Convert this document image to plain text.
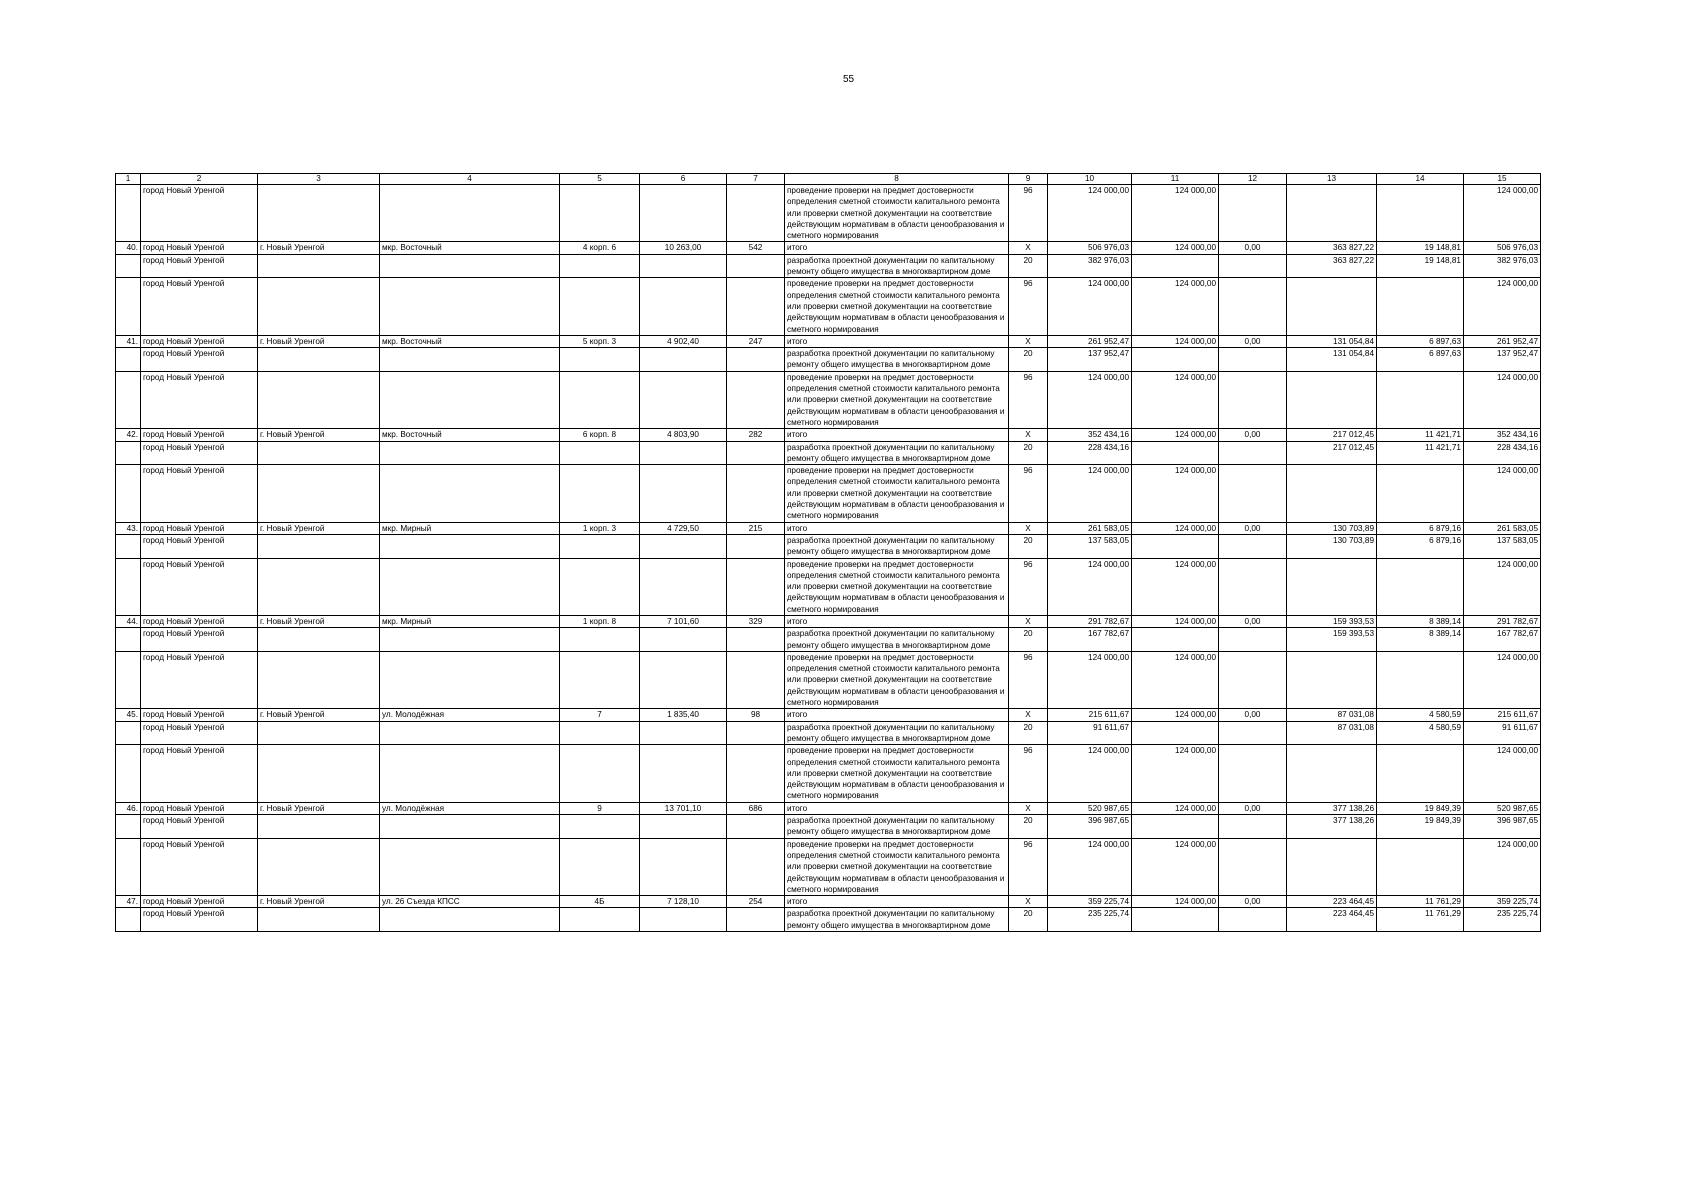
55
1	2	3	4	5	6	7	8	9	10	11	12	13	14	15
	город Новый Уренгой						проведение проверки на предмет достоверности определения сметной стоимости капитального ремонта или проверки сметной документации на соответствие действующим нормативам в области ценообразования и сметного нормирования	96	124 000,00	124 000,00				124 000,00
40.	город Новый Уренгой	г. Новый Уренгой	мкр. Восточный	4 корп. 6	10 263,00	542	итого	Х	506 976,03	124 000,00	0,00	363 827,22	19 148,81	506 976,03
	город Новый Уренгой						разработка проектной документации по капитальному ремонту общего имущества в многоквартирном доме	20	382 976,03			363 827,22	19 148,81	382 976,03
	город Новый Уренгой						проведение проверки на предмет достоверности определения сметной стоимости капитального ремонта или проверки сметной документации на соответствие действующим нормативам в области ценообразования и сметного нормирования	96	124 000,00	124 000,00				124 000,00
41.	город Новый Уренгой	г. Новый Уренгой	мкр. Восточный	5 корп. 3	4 902,40	247	итого	Х	261 952,47	124 000,00	0,00	131 054,84	6 897,63	261 952,47
	город Новый Уренгой						разработка проектной документации по капитальному ремонту общего имущества в многоквартирном доме	20	137 952,47			131 054,84	6 897,63	137 952,47
	город Новый Уренгой						проведение проверки на предмет достоверности определения сметной стоимости капитального ремонта или проверки сметной документации на соответствие действующим нормативам в области ценообразования и сметного нормирования	96	124 000,00	124 000,00				124 000,00
42.	город Новый Уренгой	г. Новый Уренгой	мкр. Восточный	6 корп. 8	4 803,90	282	итого	Х	352 434,16	124 000,00	0,00	217 012,45	11 421,71	352 434,16
	город Новый Уренгой						разработка проектной документации по капитальному ремонту общего имущества в многоквартирном доме	20	228 434,16			217 012,45	11 421,71	228 434,16
	город Новый Уренгой						проведение проверки на предмет достоверности определения сметной стоимости капитального ремонта или проверки сметной документации на соответствие действующим нормативам в области ценообразования и сметного нормирования	96	124 000,00	124 000,00				124 000,00
43.	город Новый Уренгой	г. Новый Уренгой	мкр. Мирный	1 корп. 3	4 729,50	215	итого	Х	261 583,05	124 000,00	0,00	130 703,89	6 879,16	261 583,05
	город Новый Уренгой						разработка проектной документации по капитальному ремонту общего имущества в многоквартирном доме	20	137 583,05			130 703,89	6 879,16	137 583,05
	город Новый Уренгой						проведение проверки на предмет достоверности определения сметной стоимости капитального ремонта или проверки сметной документации на соответствие действующим нормативам в области ценообразования и сметного нормирования	96	124 000,00	124 000,00				124 000,00
44.	город Новый Уренгой	г. Новый Уренгой	мкр. Мирный	1 корп. 8	7 101,60	329	итого	Х	291 782,67	124 000,00	0,00	159 393,53	8 389,14	291 782,67
	город Новый Уренгой						разработка проектной документации по капитальному ремонту общего имущества в многоквартирном доме	20	167 782,67			159 393,53	8 389,14	167 782,67
	город Новый Уренгой						проведение проверки на предмет достоверности определения сметной стоимости капитального ремонта или проверки сметной документации на соответствие действующим нормативам в области ценообразования и сметного нормирования	96	124 000,00	124 000,00				124 000,00
45.	город Новый Уренгой	г. Новый Уренгой	ул. Молодёжная	7	1 835,40	98	итого	Х	215 611,67	124 000,00	0,00	87 031,08	4 580,59	215 611,67
	город Новый Уренгой						разработка проектной документации по капитальному ремонту общего имущества в многоквартирном доме	20	91 611,67			87 031,08	4 580,59	91 611,67
	город Новый Уренгой						проведение проверки на предмет достоверности определения сметной стоимости капитального ремонта или проверки сметной документации на соответствие действующим нормативам в области ценообразования и сметного нормирования	96	124 000,00	124 000,00				124 000,00
46.	город Новый Уренгой	г. Новый Уренгой	ул. Молодёжная	9	13 701,10	686	итого	Х	520 987,65	124 000,00	0,00	377 138,26	19 849,39	520 987,65
	город Новый Уренгой						разработка проектной документации по капитальному ремонту общего имущества в многоквартирном доме	20	396 987,65			377 138,26	19 849,39	396 987,65
	город Новый Уренгой						проведение проверки на предмет достоверности определения сметной стоимости капитального ремонта или проверки сметной документации на соответствие действующим нормативам в области ценообразования и сметного нормирования	96	124 000,00	124 000,00				124 000,00
47.	город Новый Уренгой	г. Новый Уренгой	ул. 26 Съезда КПСС	4Б	7 128,10	254	итого	Х	359 225,74	124 000,00	0,00	223 464,45	11 761,29	359 225,74
	город Новый Уренгой						разработка проектной документации по капитальному ремонту общего имущества в многоквартирном доме	20	235 225,74			223 464,45	11 761,29	235 225,74
